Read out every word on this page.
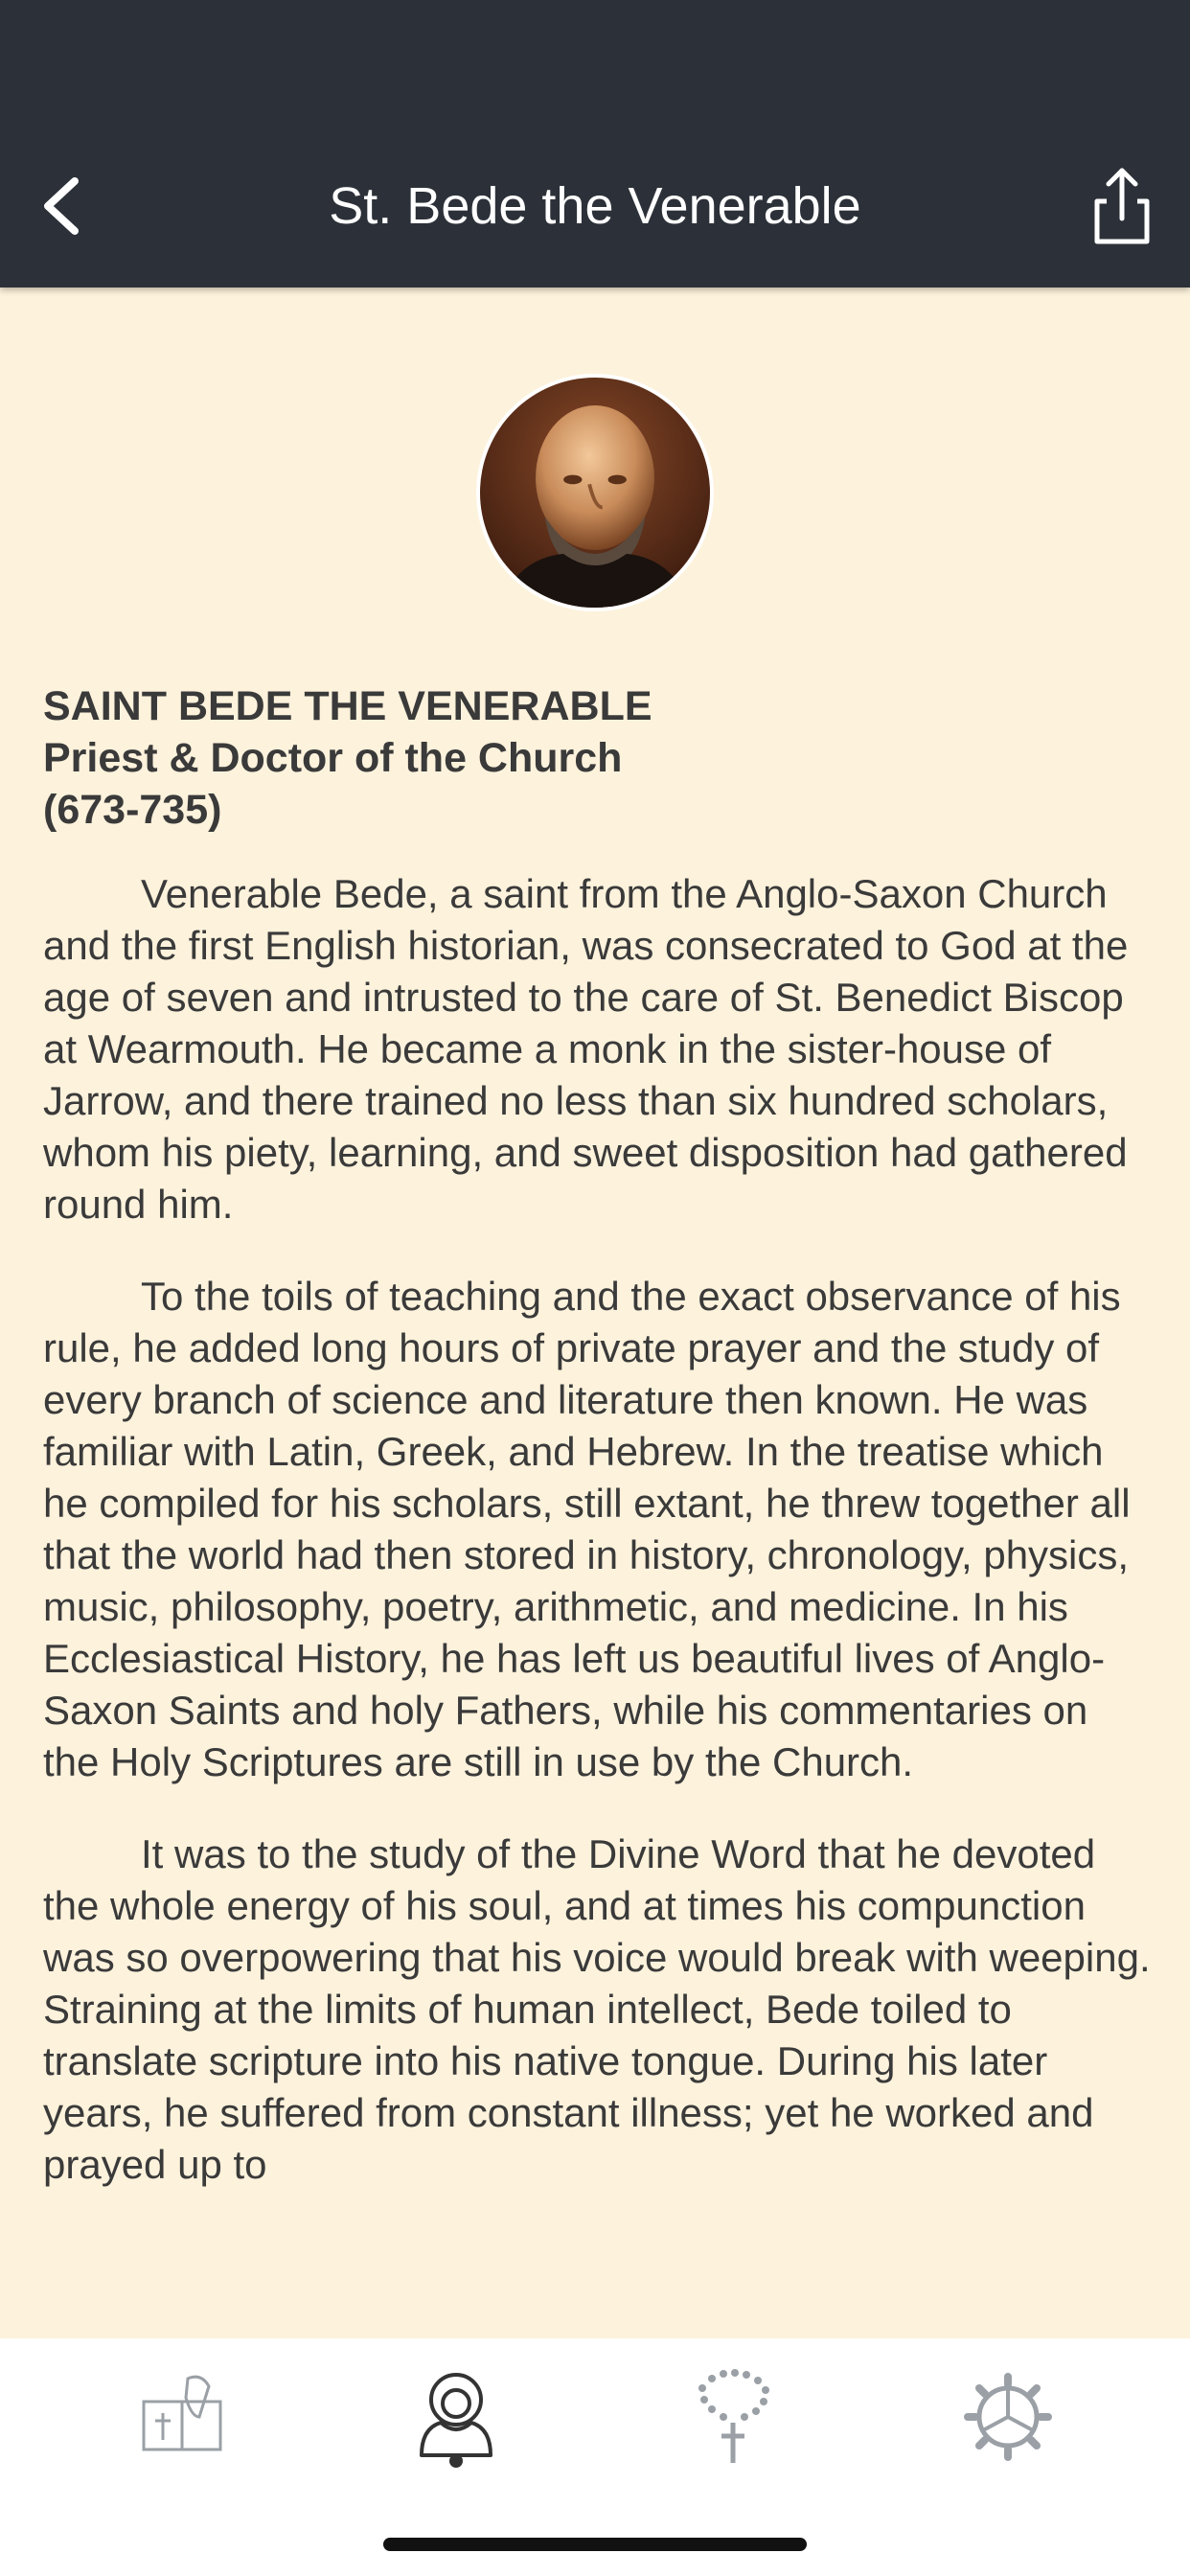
St. Bede the Venerable
SAINT BEDE THE VENERABLE
Priest & Doctor of the Church
(673-735)

Venerable Bede, a saint from the Anglo-Saxon Church and the first English historian, was consecrated to God at the age of seven and intrusted to the care of St. Benedict Biscop at Wearmouth. He became a monk in the sister-house of Jarrow, and there trained no less than six hundred scholars, whom his piety, learning, and sweet disposition had gathered round him.

To the toils of teaching and the exact observance of his rule, he added long hours of private prayer and the study of every branch of science and literature then known. He was familiar with Latin, Greek, and Hebrew. In the treatise which he compiled for his scholars, still extant, he threw together all that the world had then stored in history, chronology, physics, music, philosophy, poetry, arithmetic, and medicine. In his Ecclesiastical History, he has left us beautiful lives of Anglo-Saxon Saints and holy Fathers, while his commentaries on the Holy Scriptures are still in use by the Church.

It was to the study of the Divine Word that he devoted the whole energy of his soul, and at times his compunction was so overpowering that his voice would break with weeping. Straining at the limits of human intellect, Bede toiled to translate scripture into his native tongue. During his later years, he suffered from constant illness; yet he worked and prayed up to
